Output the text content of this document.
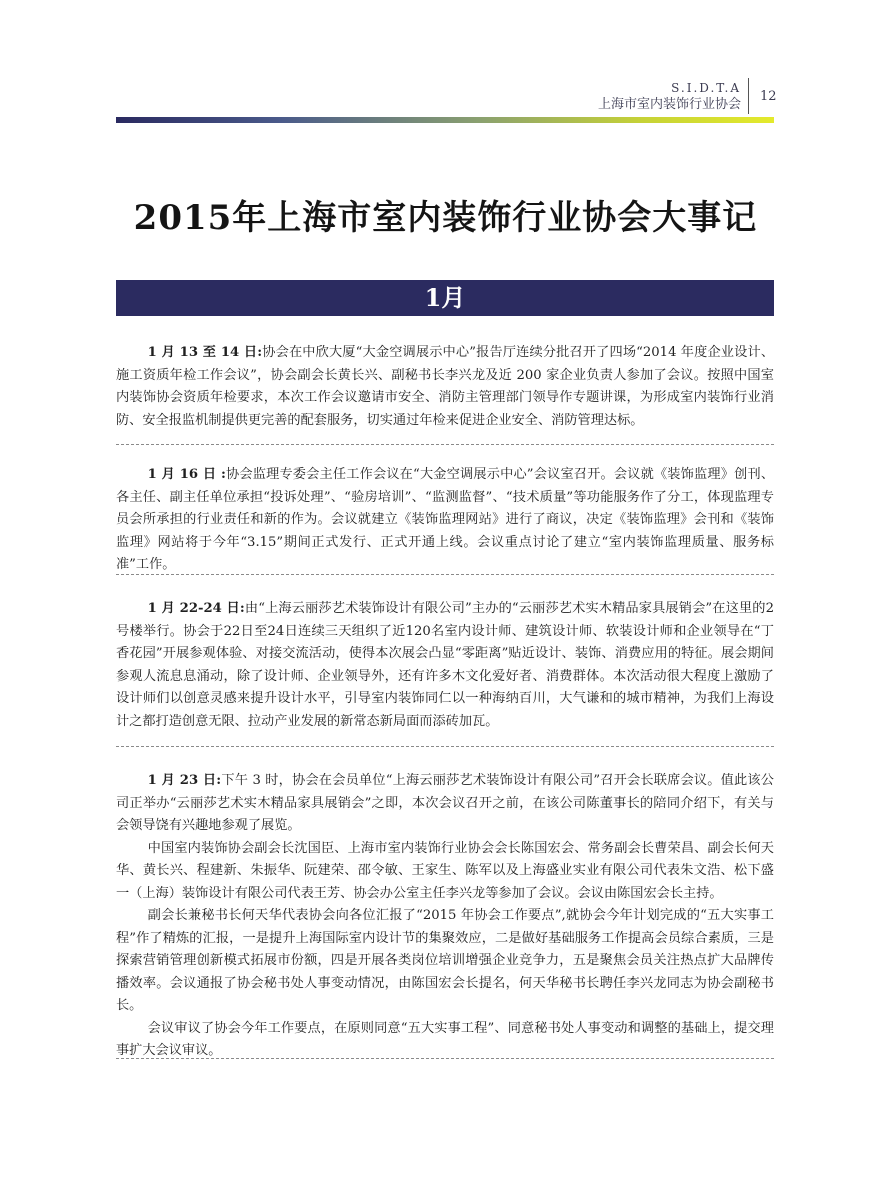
S.I.D.T.A
上海市室内装饰行业协会
12
2015年上海市室内装饰行业协会大事记
1月

1 月 13 至 14 日:协会在中欣大厦“大金空调展示中心”报告厅连续分批召开了四场“2014 年度企业设计、施工资质年检工作会议”，协会副会长黄长兴、副秘书长李兴龙及近 200 家企业负责人参加了会议。按照中国室内装饰协会资质年检要求，本次工作会议邀请市安全、消防主管理部门领导作专题讲课，为形成室内装饰行业消防、安全报监机制提供更完善的配套服务，切实通过年检来促进企业安全、消防管理达标。

1 月 16 日 :协会监理专委会主任工作会议在“大金空调展示中心”会议室召开。会议就《装饰监理》创刊、各主任、副主任单位承担“投诉处理”、“验房培训”、“监测监督”、“技术质量”等功能服务作了分工，体现监理专员会所承担的行业责任和新的作为。会议就建立《装饰监理网站》进行了商议，决定《装饰监理》会刊和《装饰监理》网站将于今年“3.15”期间正式发行、正式开通上线。会议重点讨论了建立“室内装饰监理质量、服务标准”工作。

1 月 22-24 日:由“上海云丽莎艺术装饰设计有限公司”主办的“云丽莎艺术实木精品家具展销会”在这里的2号楼举行。协会于22日至24日连续三天组织了近120名室内设计师、建筑设计师、软装设计师和企业领导在“丁香花园”开展参观体验、对接交流活动，使得本次展会凸显“零距离”贴近设计、装饰、消费应用的特征。展会期间参观人流息息涌动，除了设计师、企业领导外，还有许多木文化爱好者、消费群体。本次活动很大程度上激励了设计师们以创意灵感来提升设计水平，引导室内装饰同仁以一种海纳百川，大气谦和的城市精神，为我们上海设计之都打造创意无限、拉动产业发展的新常态新局面而添砖加瓦。

1 月 23 日:下午 3 时，协会在会员单位“上海云丽莎艺术装饰设计有限公司”召开会长联席会议。值此该公司正举办“云丽莎艺术实木精品家具展销会”之即，本次会议召开之前，在该公司陈董事长的陪同介绍下，有关与会领导饶有兴趣地参观了展览。

中国室内装饰协会副会长沈国臣、上海市室内装饰行业协会会长陈国宏会、常务副会长曹荣昌、副会长何天华、黄长兴、程建新、朱振华、阮建荣、邵令敏、王家生、陈军以及上海盛业实业有限公司代表朱文浩、松下盛一（上海）装饰设计有限公司代表王芳、协会办公室主任李兴龙等参加了会议。会议由陈国宏会长主持。

副会长兼秘书长何天华代表协会向各位汇报了“2015 年协会工作要点”,就协会今年计划完成的“五大实事工程”作了精炼的汇报，一是提升上海国际室内设计节的集聚效应，二是做好基础服务工作提高会员综合素质，三是探索营销管理创新模式拓展市份额，四是开展各类岗位培训增强企业竞争力，五是聚焦会员关注热点扩大品牌传播效率。会议通报了协会秘书处人事变动情况，由陈国宏会长提名，何天华秘书长聘任李兴龙同志为协会副秘书长。

会议审议了协会今年工作要点，在原则同意“五大实事工程”、同意秘书处人事变动和调整的基础上，提交理事扩大会议审议。
